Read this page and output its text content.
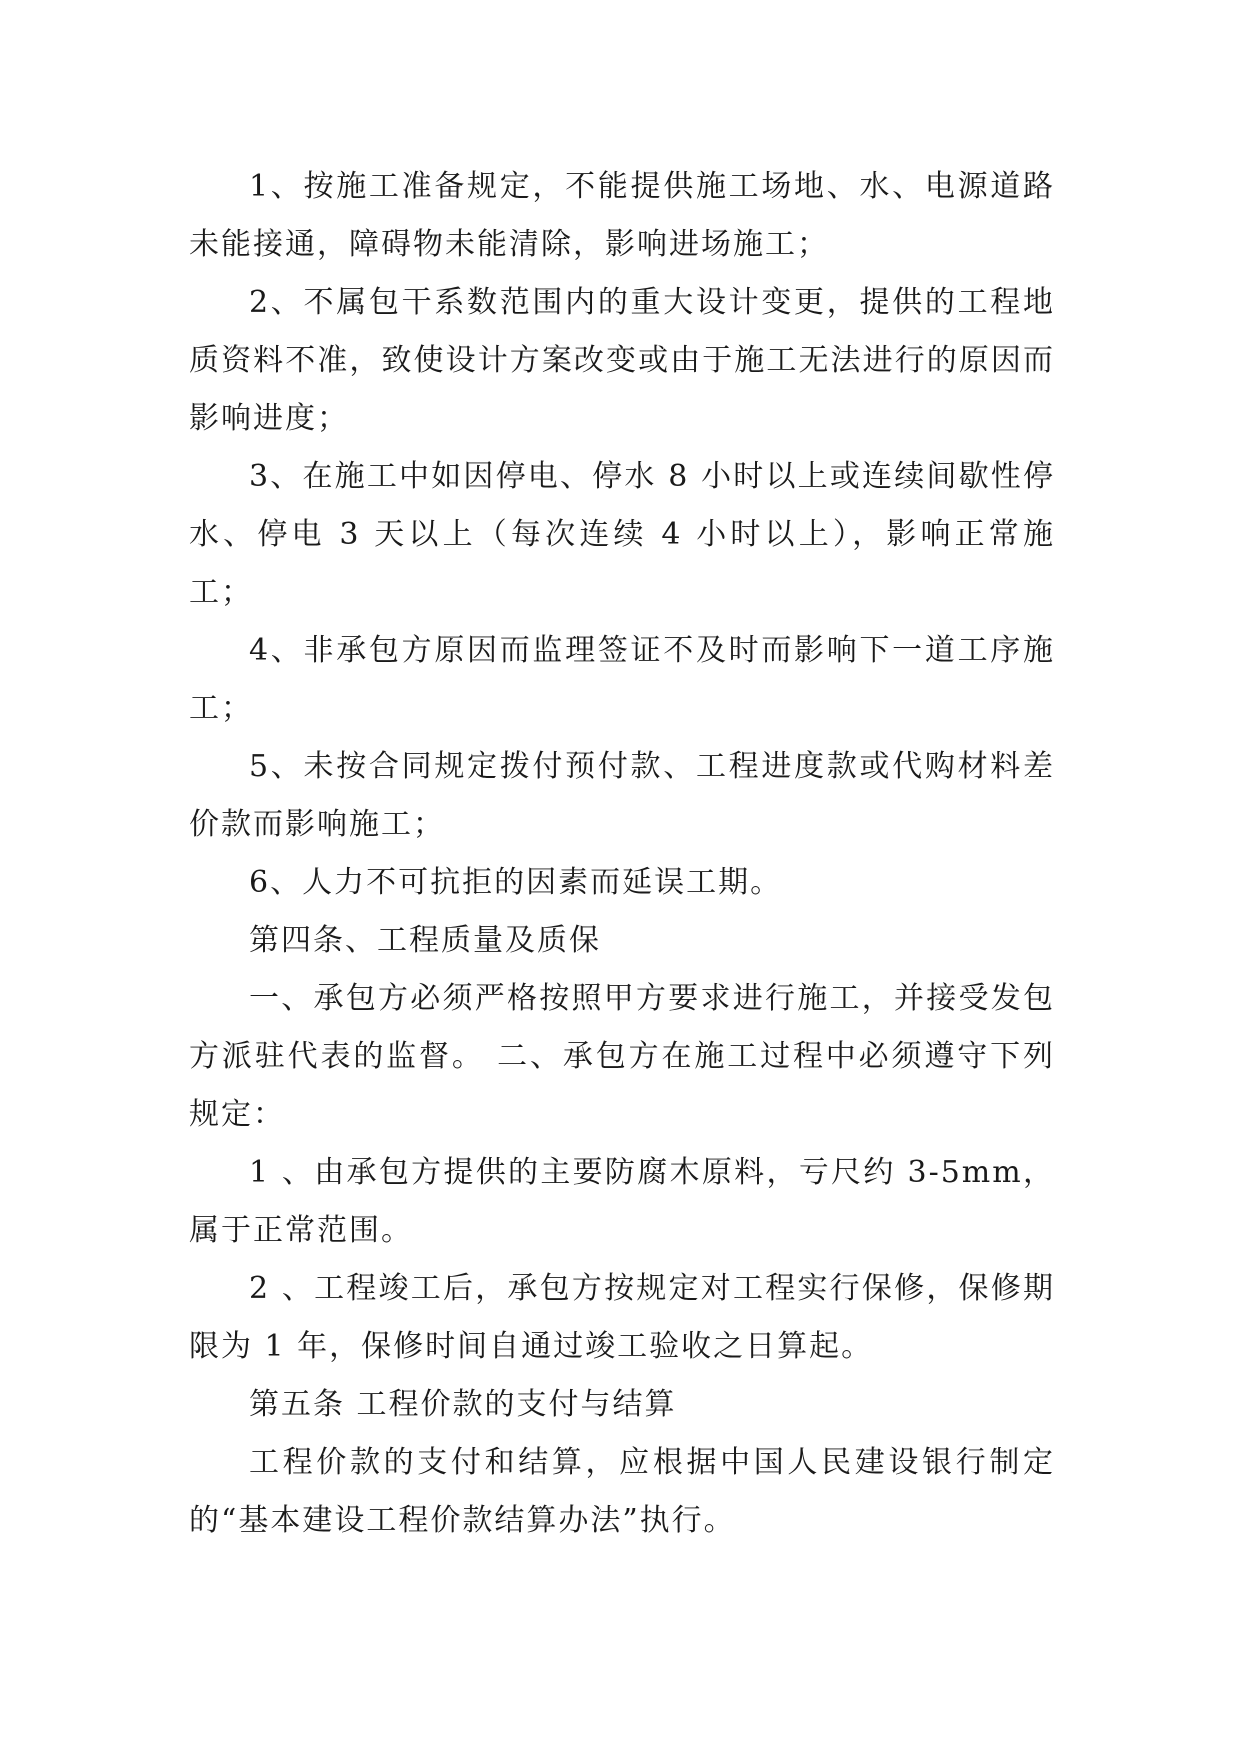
1、按施工准备规定，不能提供施工场地、水、电源道路未能接通，障碍物未能清除，影响进场施工；

2、不属包干系数范围内的重大设计变更，提供的工程地质资料不准，致使设计方案改变或由于施工无法进行的原因而影响进度；

3、在施工中如因停电、停水 8 小时以上或连续间歇性停水、停电 3 天以上（每次连续 4 小时以上），影响正常施工；

4、非承包方原因而监理签证不及时而影响下一道工序施工；

5、未按合同规定拨付预付款、工程进度款或代购材料差价款而影响施工；

6、人力不可抗拒的因素而延误工期。

第四条、工程质量及质保

一、承包方必须严格按照甲方要求进行施工，并接受发包方派驻代表的监督。 二、承包方在施工过程中必须遵守下列规定：

1 、由承包方提供的主要防腐木原料，亏尺约 3-5mm，属于正常范围。

2 、工程竣工后，承包方按规定对工程实行保修，保修期限为 1 年，保修时间自通过竣工验收之日算起。

第五条 工程价款的支付与结算

工程价款的支付和结算，应根据中国人民建设银行制定的“基本建设工程价款结算办法”执行。
